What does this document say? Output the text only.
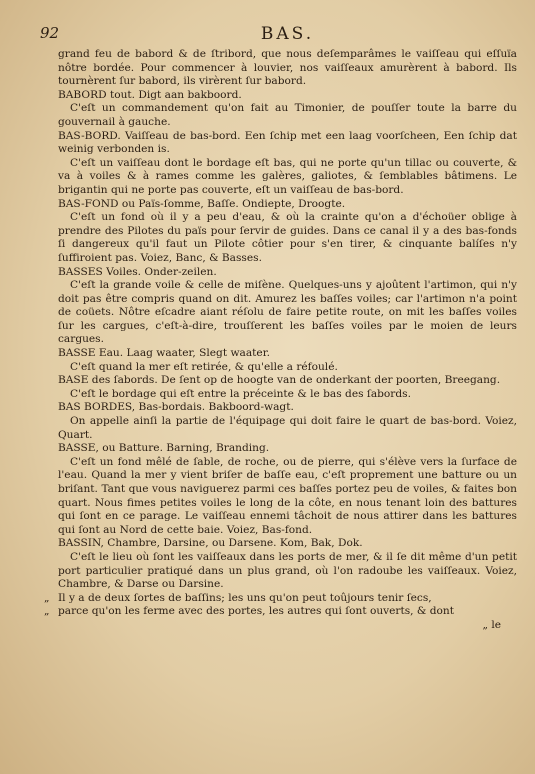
92	BAS.

grand feu de babord & de ſtribord, que nous deſemparâmes le vaiſſeau qui eſſuïa nôtre bordée. Pour commencer à louvier, nos vaiſſeaux amurèrent à babord. Ils tournèrent ſur babord, ils virèrent ſur babord.

BABORD tout. Digt aan bakboord.

C'eſt un commandement qu'on fait au Timonier, de pouſſer toute la barre du gouvernail à gauche.

BAS-BORD. Vaiſſeau de bas-bord. Een ſchip met een laag voorſcheen, Een ſchip dat weinig verbonden is.

C'eſt un vaiſſeau dont le bordage eſt bas, qui ne porte qu'un tillac ou couverte, & va à voiles & à rames comme les galères, galiotes, & ſemblables bâtimens. Le brigantin qui ne porte pas couverte, eſt un vaiſſeau de bas-bord.

BAS-FOND ou Païs-ſomme, Baſſe. Ondiepte, Droogte.

C'eſt un fond où il y a peu d'eau, & où la crainte qu'on a d'échoüer oblige à prendre des Pilotes du païs pour ſervir de guides. Dans ce canal il y a des bas-fonds ſi dangereux qu'il faut un Pilote côtier pour s'en tirer, & cinquante balíſes n'y ſuffiroient pas. Voiez, Banc, & Basses.

BASSES Voiles. Onder-zeilen.

C'eſt la grande voile & celle de miſène. Quelques-uns y ajoûtent l'artimon, qui n'y doit pas être compris quand on dit. Amurez les baſſes voiles; car l'artimon n'a point de coüets. Nôtre eſcadre aiant réſolu de faire petite route, on mit les baſſes voiles ſur les cargues, c'eſt-à-dire, trouſſerent les baſſes voiles par le moien de leurs cargues.

BASSE Eau. Laag waater, Slegt waater.

C'eſt quand la mer eſt retirée, & qu'elle a réfoulé.

BASE des ſabords. De ſent op de hoogte van de onderkant der poorten, Breegang.

C'eſt le bordage qui eſt entre la préceinte & le bas des ſabords.

BAS BORDES, Bas-bordais. Bakboord-wagt.

On appelle ainſi la partie de l'équipage qui doit faire le quart de bas-bord. Voiez, Quart.

BASSE, ou Batture. Barning, Branding.

C'eſt un fond mêlé de ſable, de roche, ou de pierre, qui s'élève vers la ſurface de l'eau. Quand la mer y vient briſer de baſſe eau, c'eſt proprement une batture ou un briſant. Tant que vous naviguerez parmi ces baſſes portez peu de voiles, & faites bon quart. Nous fimes petites voiles le long de la côte, en nous tenant loin des battures qui ſont en ce parage. Le vaiſſeau ennemi tâchoit de nous attirer dans les battures qui ſont au Nord de cette baie. Voiez, Bas-fond.

BASSIN, Chambre, Darsine, ou Darsene. Kom, Bak, Dok.

C'eſt le lieu où ſont les vaiſſeaux dans les ports de mer, & il ſe dit même d'un petit port particulier pratiqué dans un plus grand, où l'on radoube les vaiſſeaux. Voiez, Chambre, & Darse ou Darsine.

„ Il y a de deux ſortes de baſſins; les uns qu'on peut toûjours tenir ſecs,

„ parce qu'on les ferme avec des portes, les autres qui ſont ouverts, & dont

„ le
